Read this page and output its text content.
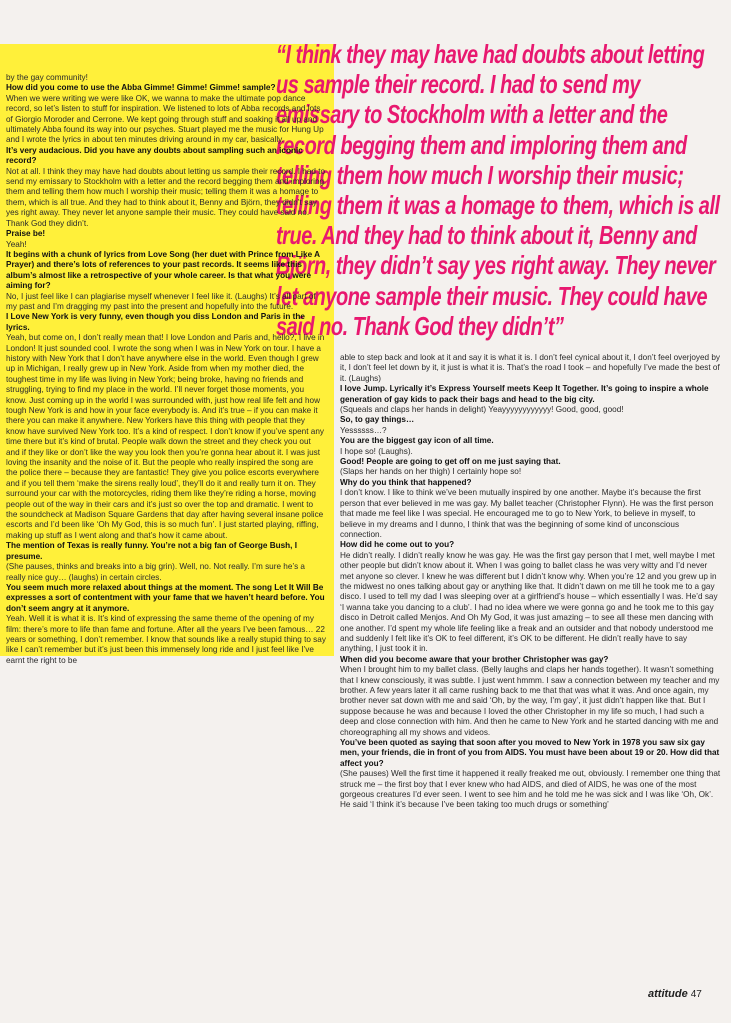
“I think they may have had doubts about letting us sample their record. I had to send my emissary to Stockholm with a letter and the record begging them and imploring them and telling them how much I worship their music; telling them it was a homage to them, which is all true. And they had to think about it, Benny and Björn, they didn’t say yes right away. They never let anyone sample their music. They could have said no. Thank God they didn’t”

by the gay community!

How did you come to use the Abba Gimme! Gimme! Gimme! sample?

When we were writing we were like OK, we wanna to make the ultimate pop dance record, so let’s listen to stuff for inspiration. We listened to lots of Abba records and lots of Giorgio Moroder and Cerrone. We kept going through stuff and soaking it all up and ultimately Abba found its way into our psyches. Stuart played me the music for Hung Up and I wrote the lyrics in about ten minutes driving around in my car, basically.

It’s very audacious. Did you have any doubts about sampling such an iconic record?

Not at all. I think they may have had doubts about letting us sample their record. I had to send my emissary to Stockholm with a letter and the record begging them and imploring them and telling them how much I worship their music; telling them it was a homage to them, which is all true. And they had to think about it, Benny and Björn, they didn’t say yes right away. They never let anyone sample their music. They could have said no. Thank God they didn’t.

Praise be!

Yeah!

It begins with a chunk of lyrics from Love Song (her duet with Prince from Like A Prayer) and there’s lots of references to your past records. It seems like this album’s almost like a retrospective of your whole career. Is that what you were aiming for?

No, I just feel like I can plagiarise myself whenever I feel like it. (Laughs) It’s all part of my past and I’m dragging my past into the present and hopefully into the future.

I Love New York is very funny, even though you diss London and Paris in the lyrics.

Yeah, but come on, I don’t really mean that! I love London and Paris and, hello?, I live in London! It just sounded cool. I wrote the song when I was in New York on tour. I have a history with New York that I don’t have anywhere else in the world. Even though I grew up in Michigan, I really grew up in New York. Aside from when my mother died, the toughest time in my life was living in New York; being broke, having no friends and struggling, trying to find my place in the world. I’ll never forget those moments, you know. Just coming up in the world I was surrounded with, just how real life felt and how tough New York is and how in your face everybody is. And it’s true – if you can make it there you can make it anywhere. New Yorkers have this thing with people that they know have survived New York too. It’s a kind of respect. I don’t know if you’ve spent any time there but it’s kind of brutal. People walk down the street and they check you out and if they like or don’t like the way you look then you’re gonna hear about it. I was just loving the insanity and the noise of it. But the people who really inspired the song are the police there – because they are fantastic! They give you police escorts everywhere and if you tell them ‘make the sirens really loud’, they’ll do it and really turn it on. They surround your car with the motorcycles, riding them like they’re riding a horse, moving people out of the way in their cars and it’s just so over the top and dramatic. I went to the soundcheck at Madison Square Gardens that day after having several insane police escorts and I’d been like ‘Oh My God, this is so much fun’. I just started playing, riffing, making up stuff as I went along and that’s how it came about.

The mention of Texas is really funny. You’re not a big fan of George Bush, I presume.

(She pauses, thinks and breaks into a big grin). Well, no. Not really. I’m sure he’s a really nice guy… (laughs) in certain circles.

You seem much more relaxed about things at the moment. The song Let It Will Be expresses a sort of contentment with your fame that we haven’t heard before. You don’t seem angry at it anymore.

Yeah. Well it is what it is. It’s kind of expressing the same theme of the opening of my film: there’s more to life than fame and fortune. After all the years I’ve been famous… 22 years or something, I don’t remember. I know that sounds like a really stupid thing to say like I can’t remember but it’s just been this immensely long ride and I just feel like I’ve earnt the right to be

able to step back and look at it and say it is what it is. I don’t feel cynical about it, I don’t feel overjoyed by it, I don’t feel let down by it, it just is what it is. That’s the road I took – and hopefully I’ve made the best of it. (Laughs)

I love Jump. Lyrically it’s Express Yourself meets Keep It Together. It’s going to inspire a whole generation of gay kids to pack their bags and head to the big city.

(Squeals and claps her hands in delight) Yeayyyyyyyyyyyy! Good, good, good!

So, to gay things…

Yessssss…?

You are the biggest gay icon of all time.

I hope so! (Laughs).

Good! People are going to get off on me just saying that.

(Slaps her hands on her thigh) I certainly hope so!

Why do you think that happened?

I don’t know. I like to think we’ve been mutually inspired by one another. Maybe it’s because the first person that ever believed in me was gay. My ballet teacher (Christopher Flynn). He was the first person that made me feel like I was special. He encouraged me to go to New York, to believe in myself, to believe in my dreams and I dunno, I think that was the beginning of some kind of unconscious connection.

How did he come out to you?

He didn’t really. I didn’t really know he was gay. He was the first gay person that I met, well maybe I met other people but didn’t know about it. When I was going to ballet class he was very witty and I’d never met anyone so clever. I knew he was different but I didn’t know why. When you’re 12 and you grew up in the midwest no ones talking about gay or anything like that. It didn’t dawn on me till he took me to a gay disco. I used to tell my dad I was sleeping over at a girlfriend’s house – which essentially I was. He’d say ‘I wanna take you dancing to a club’. I had no idea where we were gonna go and he took me to this gay disco in Detroit called Menjos. And Oh My God, it was just amazing – to see all these men dancing with one another. I’d spent my whole life feeling like a freak and an outsider and that nobody understood me and suddenly I felt like it’s OK to feel different, it’s OK to be different. He didn’t really have to say anything, I just took it in.

When did you become aware that your brother Christopher was gay?

When I brought him to my ballet class. (Belly laughs and claps her hands together). It wasn’t something that I knew consciously, it was subtle. I just went hmmm. I saw a connection between my teacher and my brother. A few years later it all came rushing back to me that that was what it was. And once again, my brother never sat down with me and said ‘Oh, by the way, I’m gay’, it just didn’t happen like that. But I suppose because he was and because I loved the other Christopher in my life so much, I had such a deep and close connection with him. And then he came to New York and he started dancing with me and choreographing all my shows and videos.

You’ve been quoted as saying that soon after you moved to New York in 1978 you saw six gay men, your friends, die in front of you from AIDS. You must have been about 19 or 20. How did that affect you?

(She pauses) Well the first time it happened it really freaked me out, obviously. I remember one thing that struck me – the first boy that I ever knew who had AIDS, and died of AIDS, he was one of the most gorgeous creatures I’d ever seen. I went to see him and he told me he was sick and I was like ‘Oh, Ok’. He said ‘I think it’s because I’ve been taking too much drugs or something’

attitude 47
